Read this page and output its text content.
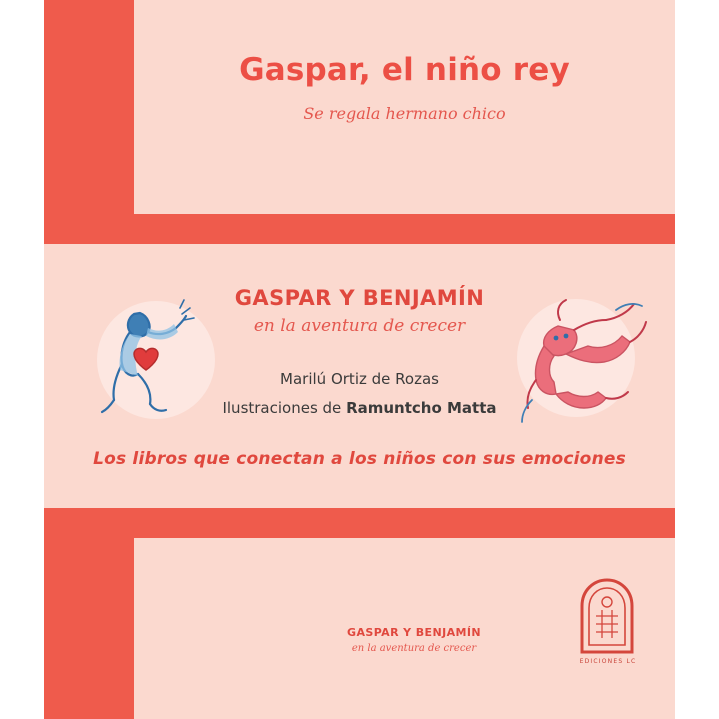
Gaspar, el niño rey
Se regala hermano chico
GASPAR Y BENJAMÍN
en la aventura de crecer
Marilú Ortiz de Rozas
Ilustraciones de Ramuntcho Matta
Los libros que conectan a los niños con sus emociones
GASPAR Y BENJAMÍN
en la aventura de crecer
EDICIONES LC
